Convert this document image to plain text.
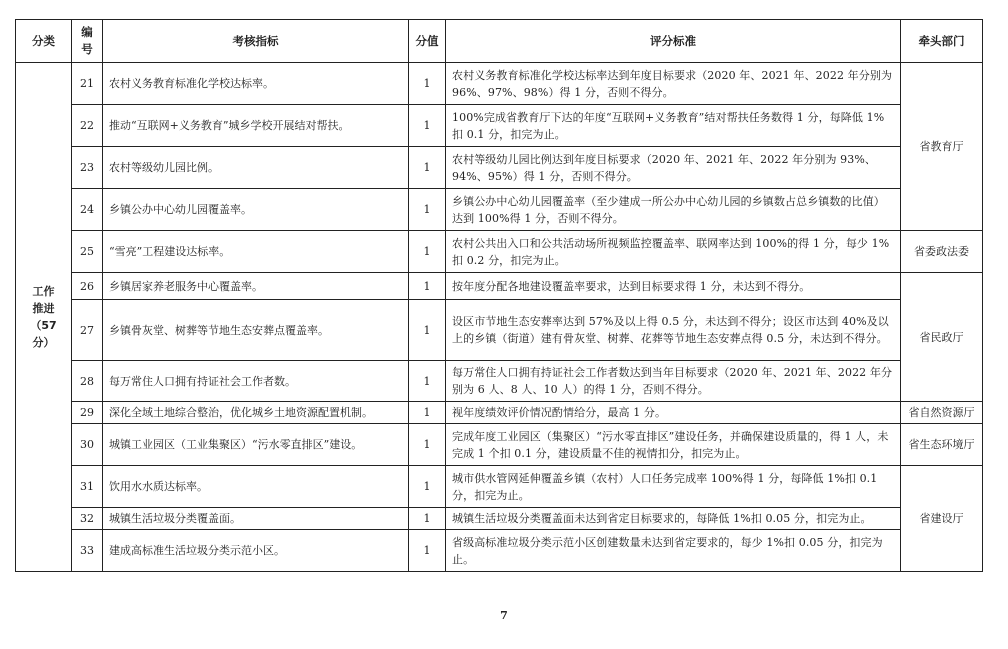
分类	编号	考核指标	分值	评分标准	牵头部门

工作
推进
（57 分）	21	农村义务教育标准化学校达标率。	1	农村义务教育标准化学校达标率达到年度目标要求（2020 年、2021 年、2022 年分别为 96%、97%、98%）得 1 分，否则不得分。	省教育厅
	22	推动“互联网+义务教育”城乡学校开展结对帮扶。	1	100%完成省教育厅下达的年度“互联网+义务教育”结对帮扶任务数得 1 分，每降低 1%扣 0.1 分，扣完为止。	
	23	农村等级幼儿园比例。	1	农村等级幼儿园比例达到年度目标要求（2020 年、2021 年、2022 年分别为 93%、94%、95%）得 1 分，否则不得分。	
	24	乡镇公办中心幼儿园覆盖率。	1	乡镇公办中心幼儿园覆盖率（至少建成一所公办中心幼儿园的乡镇数占总乡镇数的比值）达到 100%得 1 分，否则不得分。	
	25	“雪亮”工程建设达标率。	1	农村公共出入口和公共活动场所视频监控覆盖率、联网率达到 100%的得 1 分，每少 1%扣 0.2 分，扣完为止。	省委政法委
	26	乡镇居家养老服务中心覆盖率。	1	按年度分配各地建设覆盖率要求，达到目标要求得 1 分，未达到不得分。	省民政厅
	27	乡镇骨灰堂、树葬等节地生态安葬点覆盖率。	1	设区市节地生态安葬率达到 57%及以上得 0.5 分，未达到不得分；设区市达到 40%及以上的乡镇（街道）建有骨灰堂、树葬、花葬等节地生态安葬点得 0.5 分，未达到不得分。	
	28	每万常住人口拥有持证社会工作者数。	1	每万常住人口拥有持证社会工作者数达到当年目标要求（2020 年、2021 年、2022 年分别为 6 人、8 人、10 人）的得 1 分，否则不得分。	
	29	深化全域土地综合整治，优化城乡土地资源配置机制。	1	视年度绩效评价情况酌情给分，最高 1 分。	省自然资源厅
	30	城镇工业园区（工业集聚区）“污水零直排区”建设。	1	完成年度工业园区（集聚区）“污水零直排区”建设任务，并确保建设质量的，得 1 人，未完成 1 个扣 0.1 分，建设质量不佳的视情扣分，扣完为止。	省生态环境厅
	31	饮用水水质达标率。	1	城市供水管网延伸覆盖乡镇（农村）人口任务完成率 100%得 1 分，每降低 1%扣 0.1 分，扣完为止。	省建设厅
	32	城镇生活垃圾分类覆盖面。	1	城镇生活垃圾分类覆盖面未达到省定目标要求的，每降低 1%扣 0.05 分，扣完为止。	
	33	建成高标准生活垃圾分类示范小区。	1	省级高标准垃圾分类示范小区创建数量未达到省定要求的，每少 1%扣 0.05 分，扣完为止。	
7
